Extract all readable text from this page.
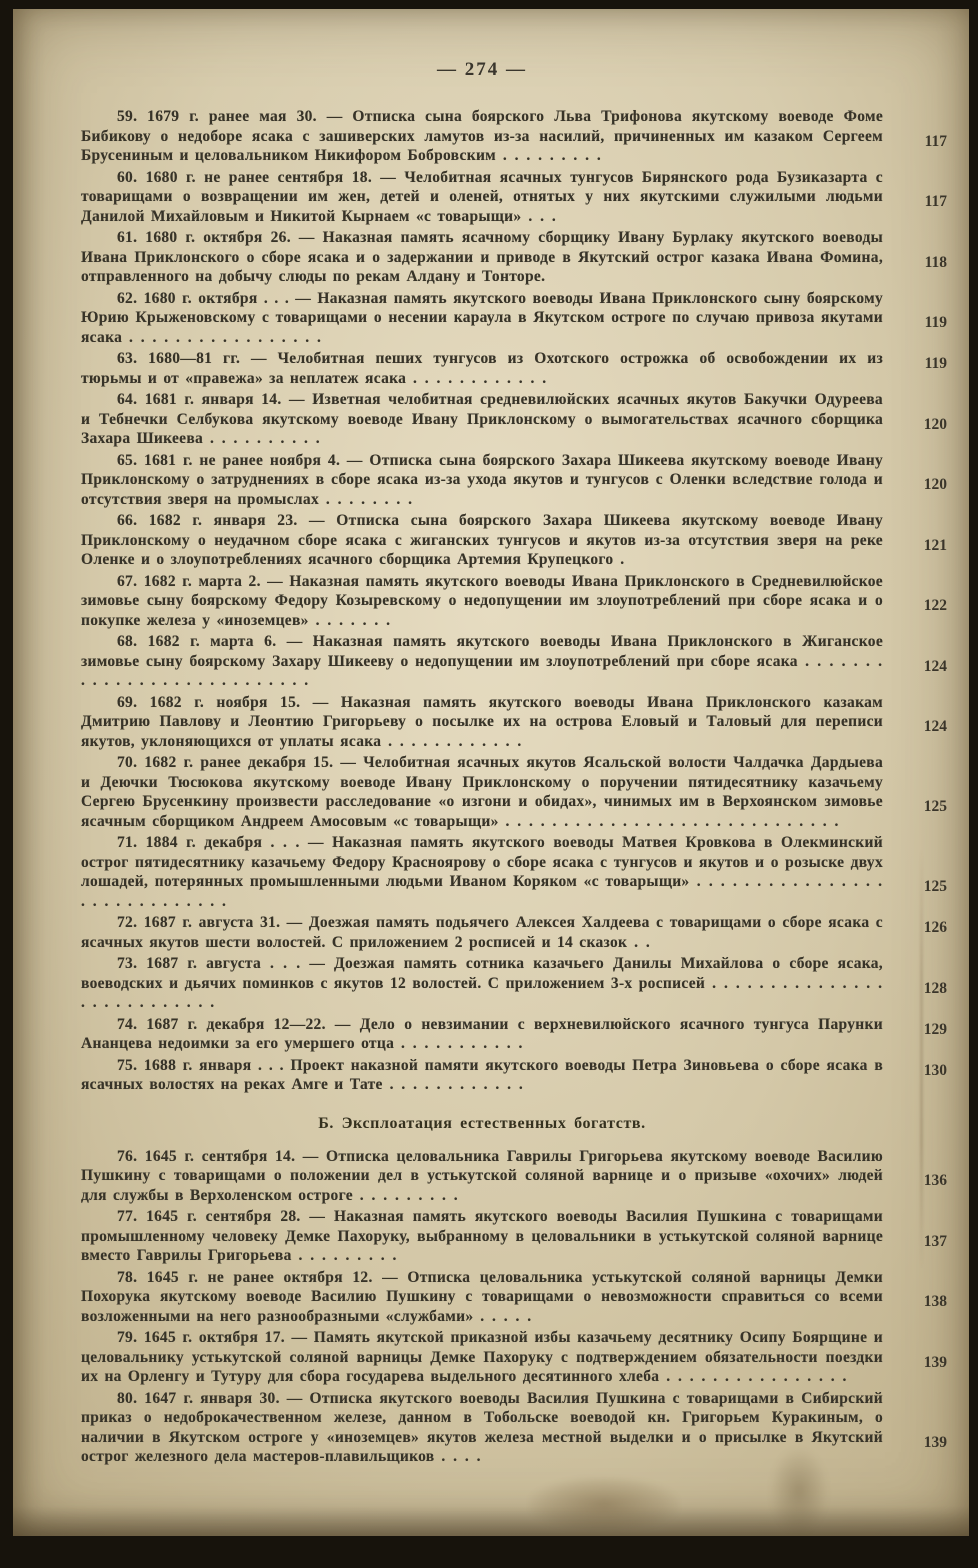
— 274 —

59. 1679 г. ранее мая 30. — Отписка сына боярского Льва Трифонова якутскому воеводе Фоме Бибикову о недоборе ясака с зашиверских ламутов из-за насилий, причиненных им казаком Сергеем Брусениным и целовальником Никифором Бобровским . . . . . . . . .

117

60. 1680 г. не ранее сентября 18. — Челобитная ясачных тунгусов Бирянского рода Бузиказарта с товарищами о возвращении им жен, детей и оленей, отнятых у них якутскими служилыми людьми Данилой Михайловым и Никитой Кырнаем «с товарыщи» . . .

117

61. 1680 г. октября 26. — Наказная память ясачному сборщику Ивану Бурлаку якутского воеводы Ивана Приклонского о сборе ясака и о задержании и приводе в Якутский острог казака Ивана Фомина, отправленного на добычу слюды по рекам Алдану и Тонторе.

118

62. 1680 г. октября . . . — Наказная память якутского воеводы Ивана Приклонского сыну боярскому Юрию Крыженовскому с товарищами о несении караула в Якутском остроге по случаю привоза якутами ясака . . . . . . . . . . . . . . . . .

119

63. 1680—81 гг. — Челобитная пеших тунгусов из Охотского острожка об освобождении их из тюрьмы и от «правежа» за неплатеж ясака . . . . . . . . . . . .

119

64. 1681 г. января 14. — Изветная челобитная средневилюйских ясачных якутов Бакучки Одуреева и Тебнечки Селбукова якутскому воеводе Ивану Приклонскому о вымогательствах ясачного сборщика Захара Шикеева . . . . . . . . . .

120

65. 1681 г. не ранее ноября 4. — Отписка сына боярского Захара Шикеева якутскому воеводе Ивану Приклонскому о затруднениях в сборе ясака из-за ухода якутов и тунгусов с Оленки вследствие голода и отсутствия зверя на промыслах . . . . . . . .

120

66. 1682 г. января 23. — Отписка сына боярского Захара Шикеева якутскому воеводе Ивану Приклонскому о неудачном сборе ясака с жиганских тунгусов и якутов из-за отсутствия зверя на реке Оленке и о злоупотреблениях ясачного сборщика Артемия Крупецкого .

121

67. 1682 г. марта 2. — Наказная память якутского воеводы Ивана Приклонского в Средневилюйское зимовье сыну боярскому Федору Козыревскому о недопущении им злоупотреблений при сборе ясака и о покупке железа у «иноземцев» . . . . . . .

122

68. 1682 г. марта 6. — Наказная память якутского воеводы Ивана Приклонского в Жиганское зимовье сыну боярскому Захару Шикееву о недопущении им злоупотреблений при сборе ясака . . . . . . . . . . . . . . . . . . . . . . . . . . .

124

69. 1682 г. ноября 15. — Наказная память якутского воеводы Ивана Приклонского казакам Дмитрию Павлову и Леонтию Григорьеву о посылке их на острова Еловый и Таловый для переписи якутов, уклоняющихся от уплаты ясака . . . . . . . . . . . .

124

70. 1682 г. ранее декабря 15. — Челобитная ясачных якутов Ясальской волости Чалдачка Дардыева и Деючки Тюсюкова якутскому воеводе Ивану Приклонскому о поручении пятидесятнику казачьему Сергею Брусенкину произвести расследование «о изгони и обидах», чинимых им в Верхоянском зимовье ясачным сборщиком Андреем Амосовым «с товарыщи» . . . . . . . . . . . . . . . . . . . . . . . . . . . . .

125

71. 1884 г. декабря . . . — Наказная память якутского воеводы Матвея Кровкова в Олекминский острог пятидесятнику казачьему Федору Красноярову о сборе ясака с тунгусов и якутов и о розыске двух лошадей, потерянных промышленными людьми Иваном Коряком «с товарыщи» . . . . . . . . . . . . . . . . . . . . . . . . . . . . .

125

72. 1687 г. августа 31. — Доезжая память подьячего Алексея Халдеева с товарищами о сборе ясака с ясачных якутов шести волостей. С приложением 2 росписей и 14 сказок . .

126

73. 1687 г. августа . . . — Доезжая память сотника казачьего Данилы Михайлова о сборе ясака, воеводских и дьячих поминков с якутов 12 волостей. С приложением 3-х росписей . . . . . . . . . . . . . . . . . . . . . . . . . . .

128

74. 1687 г. декабря 12—22. — Дело о невзимании с верхневилюйского ясачного тунгуса Парунки Ананцева недоимки за его умершего отца . . . . . . . . . . .

129

75. 1688 г. января . . . Проект наказной памяти якутского воеводы Петра Зиновьева о сборе ясака в ясачных волостях на реках Амге и Тате . . . . . . . . . . . .

130
Б. Эксплоатация естественных богатств.

76. 1645 г. сентября 14. — Отписка целовальника Гаврилы Григорьева якутскому воеводе Василию Пушкину с товарищами о положении дел в устькутской соляной варнице и о призыве «охочих» людей для службы в Верхоленском остроге . . . . . . . . .

136

77. 1645 г. сентября 28. — Наказная память якутского воеводы Василия Пушкина с товарищами промышленному человеку Демке Пахоруку, выбранному в целовальники в устькутской соляной варнице вместо Гаврилы Григорьева . . . . . . . . .

137

78. 1645 г. не ранее октября 12. — Отписка целовальника устькутской соляной варницы Демки Похорука якутскому воеводе Василию Пушкину с товарищами о невозможности справиться со всеми возложенными на него разнообразными «службами» . . . . .

138

79. 1645 г. октября 17. — Память якутской приказной избы казачьему десятнику Осипу Боярщине и целовальнику устькутской соляной варницы Демке Пахоруку с подтверждением обязательности поездки их на Орленгу и Тутуру для сбора государева выдельного десятинного хлеба . . . . . . . . . . . . . . . .

139

80. 1647 г. января 30. — Отписка якутского воеводы Василия Пушкина с товарищами в Сибирский приказ о недоброкачественном железе, данном в Тобольске воеводой кн. Григорьем Куракиным, о наличии в Якутском остроге у «иноземцев» якутов железа местной выделки и о присылке в Якутский острог железного дела мастеров-плавильщиков . . . .

139
